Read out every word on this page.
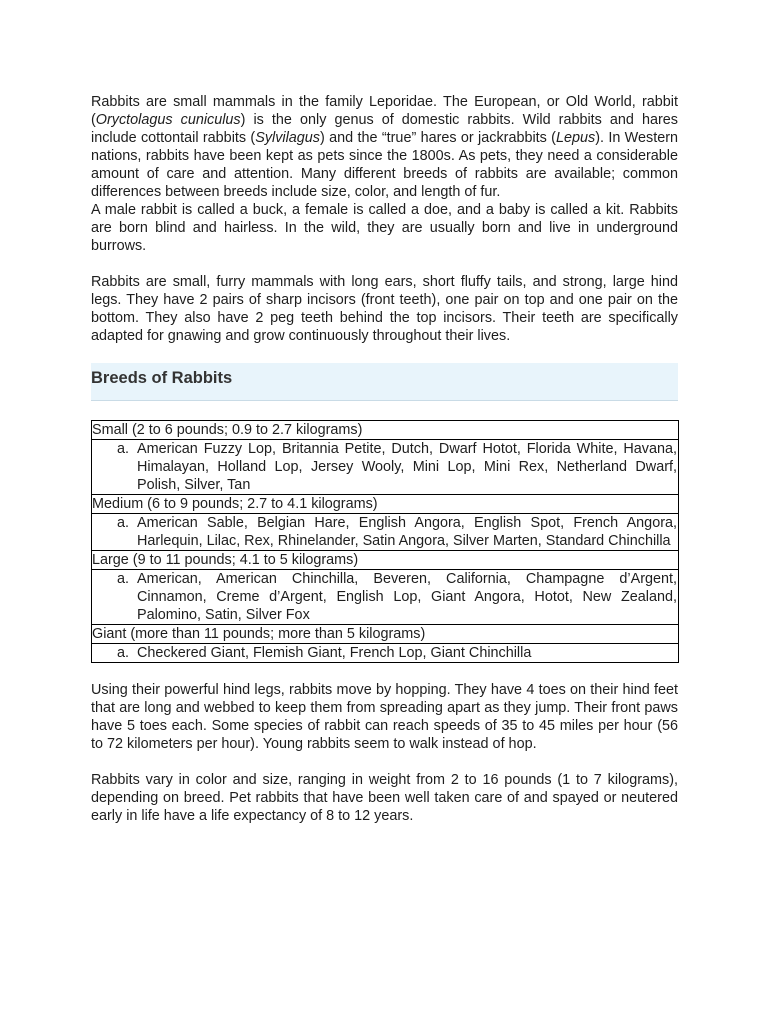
Rabbits are small mammals in the family Leporidae. The European, or Old World, rabbit (Oryctolagus cuniculus) is the only genus of domestic rabbits. Wild rabbits and hares include cottontail rabbits (Sylvilagus) and the “true” hares or jackrabbits (Lepus). In Western nations, rabbits have been kept as pets since the 1800s. As pets, they need a considerable amount of care and attention. Many different breeds of rabbits are available; common differences between breeds include size, color, and length of fur.

A male rabbit is called a buck, a female is called a doe, and a baby is called a kit. Rabbits are born blind and hairless. In the wild, they are usually born and live in underground burrows.

Rabbits are small, furry mammals with long ears, short fluffy tails, and strong, large hind legs. They have 2 pairs of sharp incisors (front teeth), one pair on top and one pair on the bottom. They also have 2 peg teeth behind the top incisors. Their teeth are specifically adapted for gnawing and grow continuously throughout their lives.

Breeds of Rabbits
Small (2 to 6 pounds; 0.9 to 2.7 kilograms)

a. American Fuzzy Lop, Britannia Petite, Dutch, Dwarf Hotot, Florida White, Havana, Himalayan, Holland Lop, Jersey Wooly, Mini Lop, Mini Rex, Netherland Dwarf, Polish, Silver, Tan

Medium (6 to 9 pounds; 2.7 to 4.1 kilograms)

a. American Sable, Belgian Hare, English Angora, English Spot, French Angora, Harlequin, Lilac, Rex, Rhinelander, Satin Angora, Silver Marten, Standard Chinchilla

Large (9 to 11 pounds; 4.1 to 5 kilograms)

a. American, American Chinchilla, Beveren, California, Champagne d’Argent, Cinnamon, Creme d’Argent, English Lop, Giant Angora, Hotot, New Zealand, Palomino, Satin, Silver Fox

Giant (more than 11 pounds; more than 5 kilograms)

a. Checkered Giant, Flemish Giant, French Lop, Giant Chinchilla

Using their powerful hind legs, rabbits move by hopping. They have 4 toes on their hind feet that are long and webbed to keep them from spreading apart as they jump. Their front paws have 5 toes each. Some species of rabbit can reach speeds of 35 to 45 miles per hour (56 to 72 kilometers per hour). Young rabbits seem to walk instead of hop.

Rabbits vary in color and size, ranging in weight from 2 to 16 pounds (1 to 7 kilograms), depending on breed. Pet rabbits that have been well taken care of and spayed or neutered early in life have a life expectancy of 8 to 12 years.
